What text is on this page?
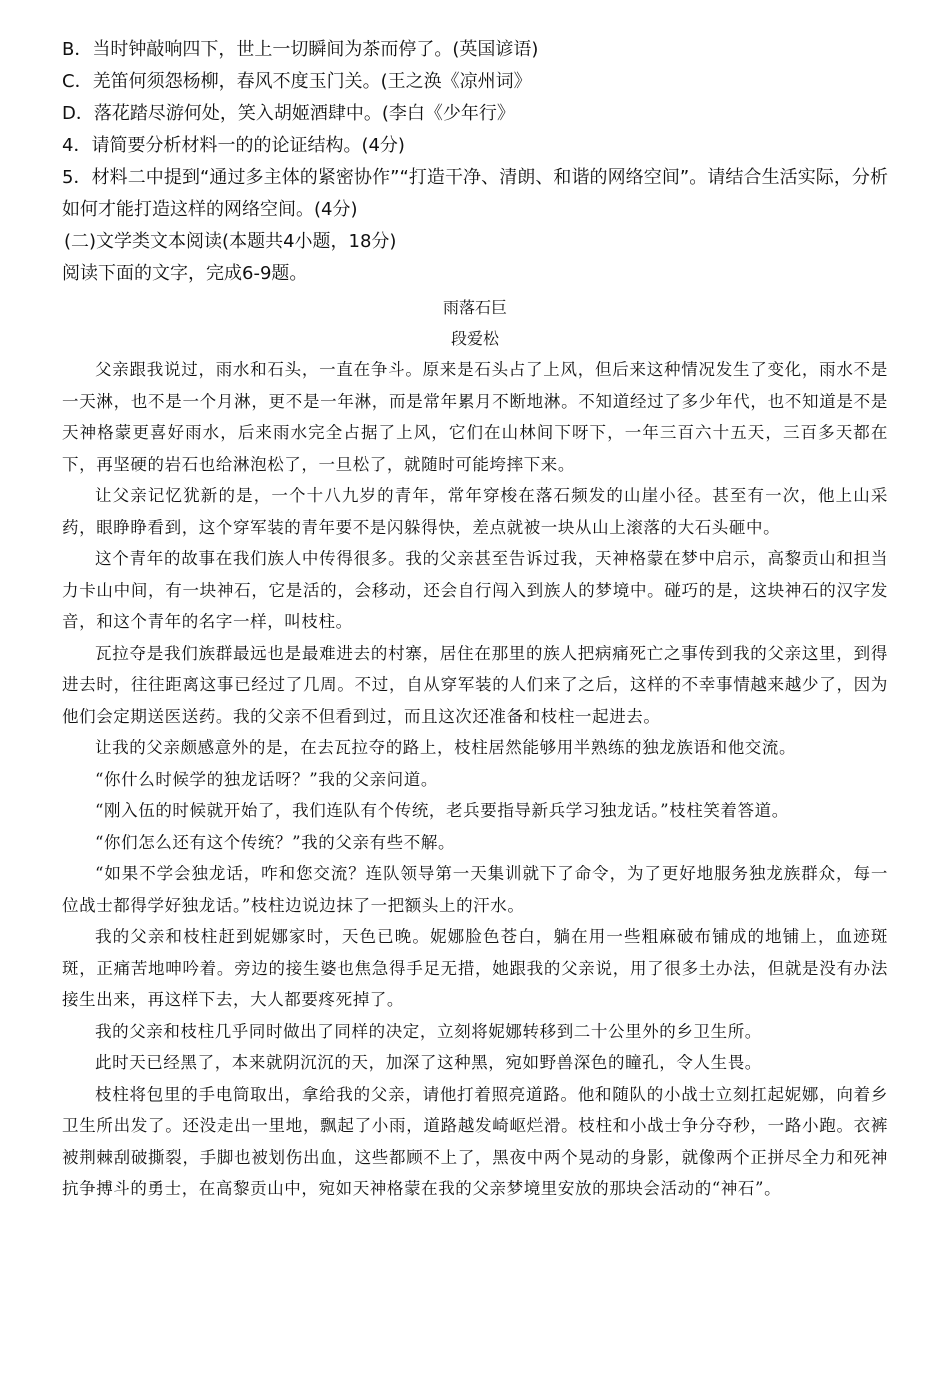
B．当时钟敲响四下，世上一切瞬间为茶而停了。(英国谚语)

C．羌笛何须怨杨柳，春风不度玉门关。(王之涣《凉州词》

D．落花踏尽游何处，笑入胡姬酒肆中。(李白《少年行》

4．请简要分析材料一的的论证结构。(4分)

5．材料二中提到“通过多主体的紧密协作”“打造干净、清朗、和谐的网络空间”。请结合生活实际，分析如何才能打造这样的网络空间。(4分)

(二)文学类文本阅读(本题共4小题，18分)

阅读下面的文字，完成6-9题。

雨落石巨

段爱松

父亲跟我说过，雨水和石头，一直在争斗。原来是石头占了上风，但后来这种情况发生了变化，雨水不是一天淋，也不是一个月淋，更不是一年淋，而是常年累月不断地淋。不知道经过了多少年代，也不知道是不是天神格蒙更喜好雨水，后来雨水完全占据了上风，它们在山林间下呀下，一年三百六十五天，三百多天都在下，再坚硬的岩石也给淋泡松了，一旦松了，就随时可能垮摔下来。

让父亲记忆犹新的是，一个十八九岁的青年，常年穿梭在落石频发的山崖小径。甚至有一次，他上山采药，眼睁睁看到，这个穿军装的青年要不是闪躲得快，差点就被一块从山上滚落的大石头砸中。

这个青年的故事在我们族人中传得很多。我的父亲甚至告诉过我，天神格蒙在梦中启示，高黎贡山和担当力卡山中间，有一块神石，它是活的，会移动，还会自行闯入到族人的梦境中。碰巧的是，这块神石的汉字发音，和这个青年的名字一样，叫枝柱。

瓦拉夺是我们族群最远也是最难进去的村寨，居住在那里的族人把病痛死亡之事传到我的父亲这里，到得进去时，往往距离这事已经过了几周。不过，自从穿军装的人们来了之后，这样的不幸事情越来越少了，因为他们会定期送医送药。我的父亲不但看到过，而且这次还准备和枝柱一起进去。

让我的父亲颇感意外的是，在去瓦拉夺的路上，枝柱居然能够用半熟练的独龙族语和他交流。

“你什么时候学的独龙话呀？”我的父亲问道。

“刚入伍的时候就开始了，我们连队有个传统，老兵要指导新兵学习独龙话。”枝柱笑着答道。

“你们怎么还有这个传统？”我的父亲有些不解。

“如果不学会独龙话，咋和您交流？连队领导第一天集训就下了命令，为了更好地服务独龙族群众，每一位战士都得学好独龙话。”枝柱边说边抹了一把额头上的汗水。

我的父亲和枝柱赶到妮娜家时，天色已晚。妮娜脸色苍白，躺在用一些粗麻破布铺成的地铺上，血迹斑斑，正痛苦地呻吟着。旁边的接生婆也焦急得手足无措，她跟我的父亲说，用了很多土办法，但就是没有办法接生出来，再这样下去，大人都要疼死掉了。

我的父亲和枝柱几乎同时做出了同样的决定，立刻将妮娜转移到二十公里外的乡卫生所。

此时天已经黑了，本来就阴沉沉的天，加深了这种黑，宛如野兽深色的瞳孔，令人生畏。

枝柱将包里的手电筒取出，拿给我的父亲，请他打着照亮道路。他和随队的小战士立刻扛起妮娜，向着乡卫生所出发了。还没走出一里地，飘起了小雨，道路越发崎岖烂滑。枝柱和小战士争分夺秒，一路小跑。衣裤被荆棘刮破撕裂，手脚也被划伤出血，这些都顾不上了，黑夜中两个晃动的身影，就像两个正拼尽全力和死神抗争搏斗的勇士，在高黎贡山中，宛如天神格蒙在我的父亲梦境里安放的那块会活动的“神石”。
